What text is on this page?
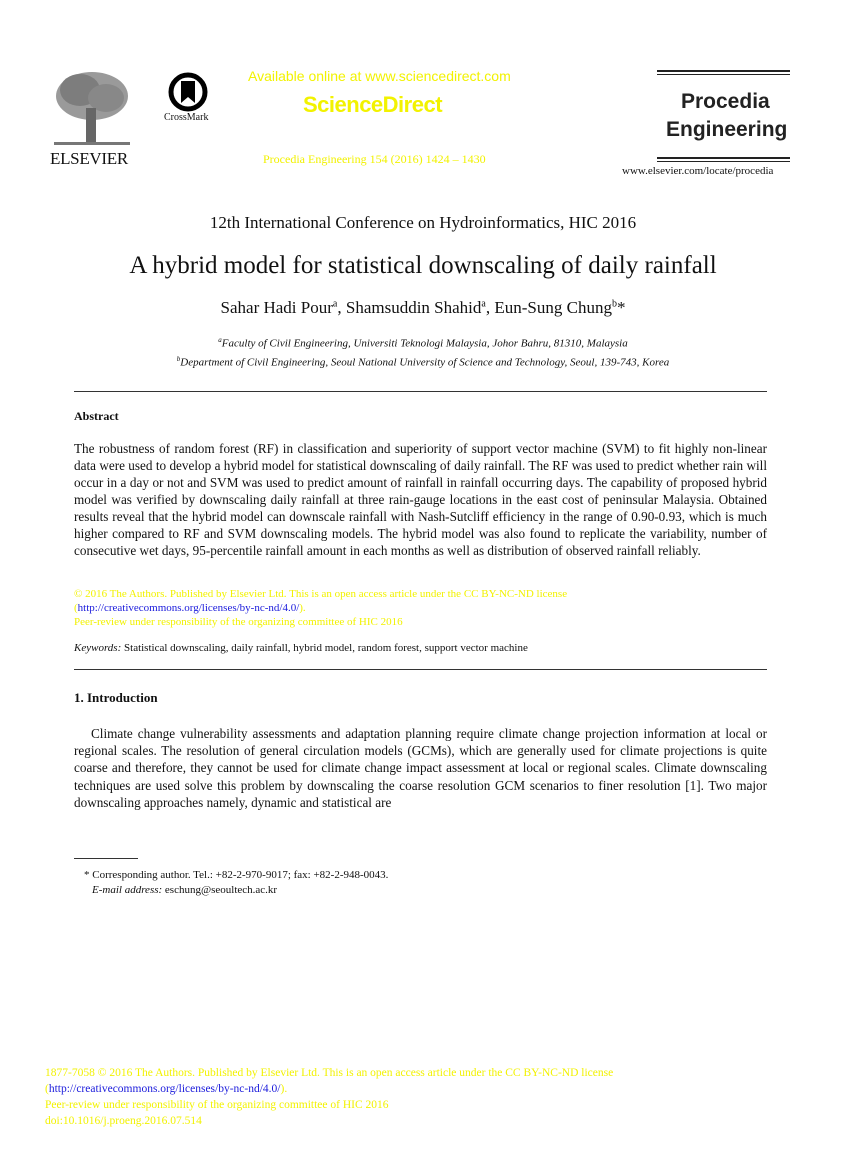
ELSEVIER
CrossMark
Available online at www.sciencedirect.com
ScienceDirect
Procedia Engineering 154 (2016) 1424 – 1430
Procedia
Engineering
www.elsevier.com/locate/procedia
12th International Conference on Hydroinformatics, HIC 2016
A hybrid model for statistical downscaling of daily rainfall
Sahar Hadi Pour$^a$, Shamsuddin Shahid$^a$, Eun-Sung Chung$^b$*
$^a$Faculty of Civil Engineering, Universiti Teknologi Malaysia, Johor Bahru, 81310, Malaysia
$^b$Department of Civil Engineering, Seoul National University of Science and Technology, Seoul, 139-743, Korea
Abstract
The robustness of random forest (RF) in classification and superiority of support vector machine (SVM) to fit highly non-linear data were used to develop a hybrid model for statistical downscaling of daily rainfall. The RF was used to predict whether rain will occur in a day or not and SVM was used to predict amount of rainfall in rainfall occurring days. The capability of proposed hybrid model was verified by downscaling daily rainfall at three rain-gauge locations in the east cost of peninsular Malaysia. Obtained results reveal that the hybrid model can downscale rainfall with Nash-Sutcliff efficiency in the range of 0.90-0.93, which is much higher compared to RF and SVM downscaling models. The hybrid model was also found to replicate the variability, number of consecutive wet days, 95-percentile rainfall amount in each months as well as distribution of observed rainfall reliably.
© 2016 The Authors. Published by Elsevier Ltd. This is an open access article under the CC BY-NC-ND license
(http://creativecommons.org/licenses/by-nc-nd/4.0/).
Peer-review under responsibility of the organizing committee of HIC 2016
Keywords: Statistical downscaling, daily rainfall, hybrid model, random forest, support vector machine
1. Introduction
Climate change vulnerability assessments and adaptation planning require climate change projection information at local or regional scales. The resolution of general circulation models (GCMs), which are generally used for climate projections is quite coarse and therefore, they cannot be used for climate change impact assessment at local or regional scales. Climate downscaling techniques are used solve this problem by downscaling the coarse resolution GCM scenarios to finer resolution [1]. Two major downscaling approaches namely, dynamic and statistical are
* Corresponding author. Tel.: +82-2-970-9017; fax: +82-2-948-0043.
E-mail address: eschung@seoultech.ac.kr
1877-7058 © 2016 The Authors. Published by Elsevier Ltd. This is an open access article under the CC BY-NC-ND license
(http://creativecommons.org/licenses/by-nc-nd/4.0/).
Peer-review under responsibility of the organizing committee of HIC 2016
doi:10.1016/j.proeng.2016.07.514
